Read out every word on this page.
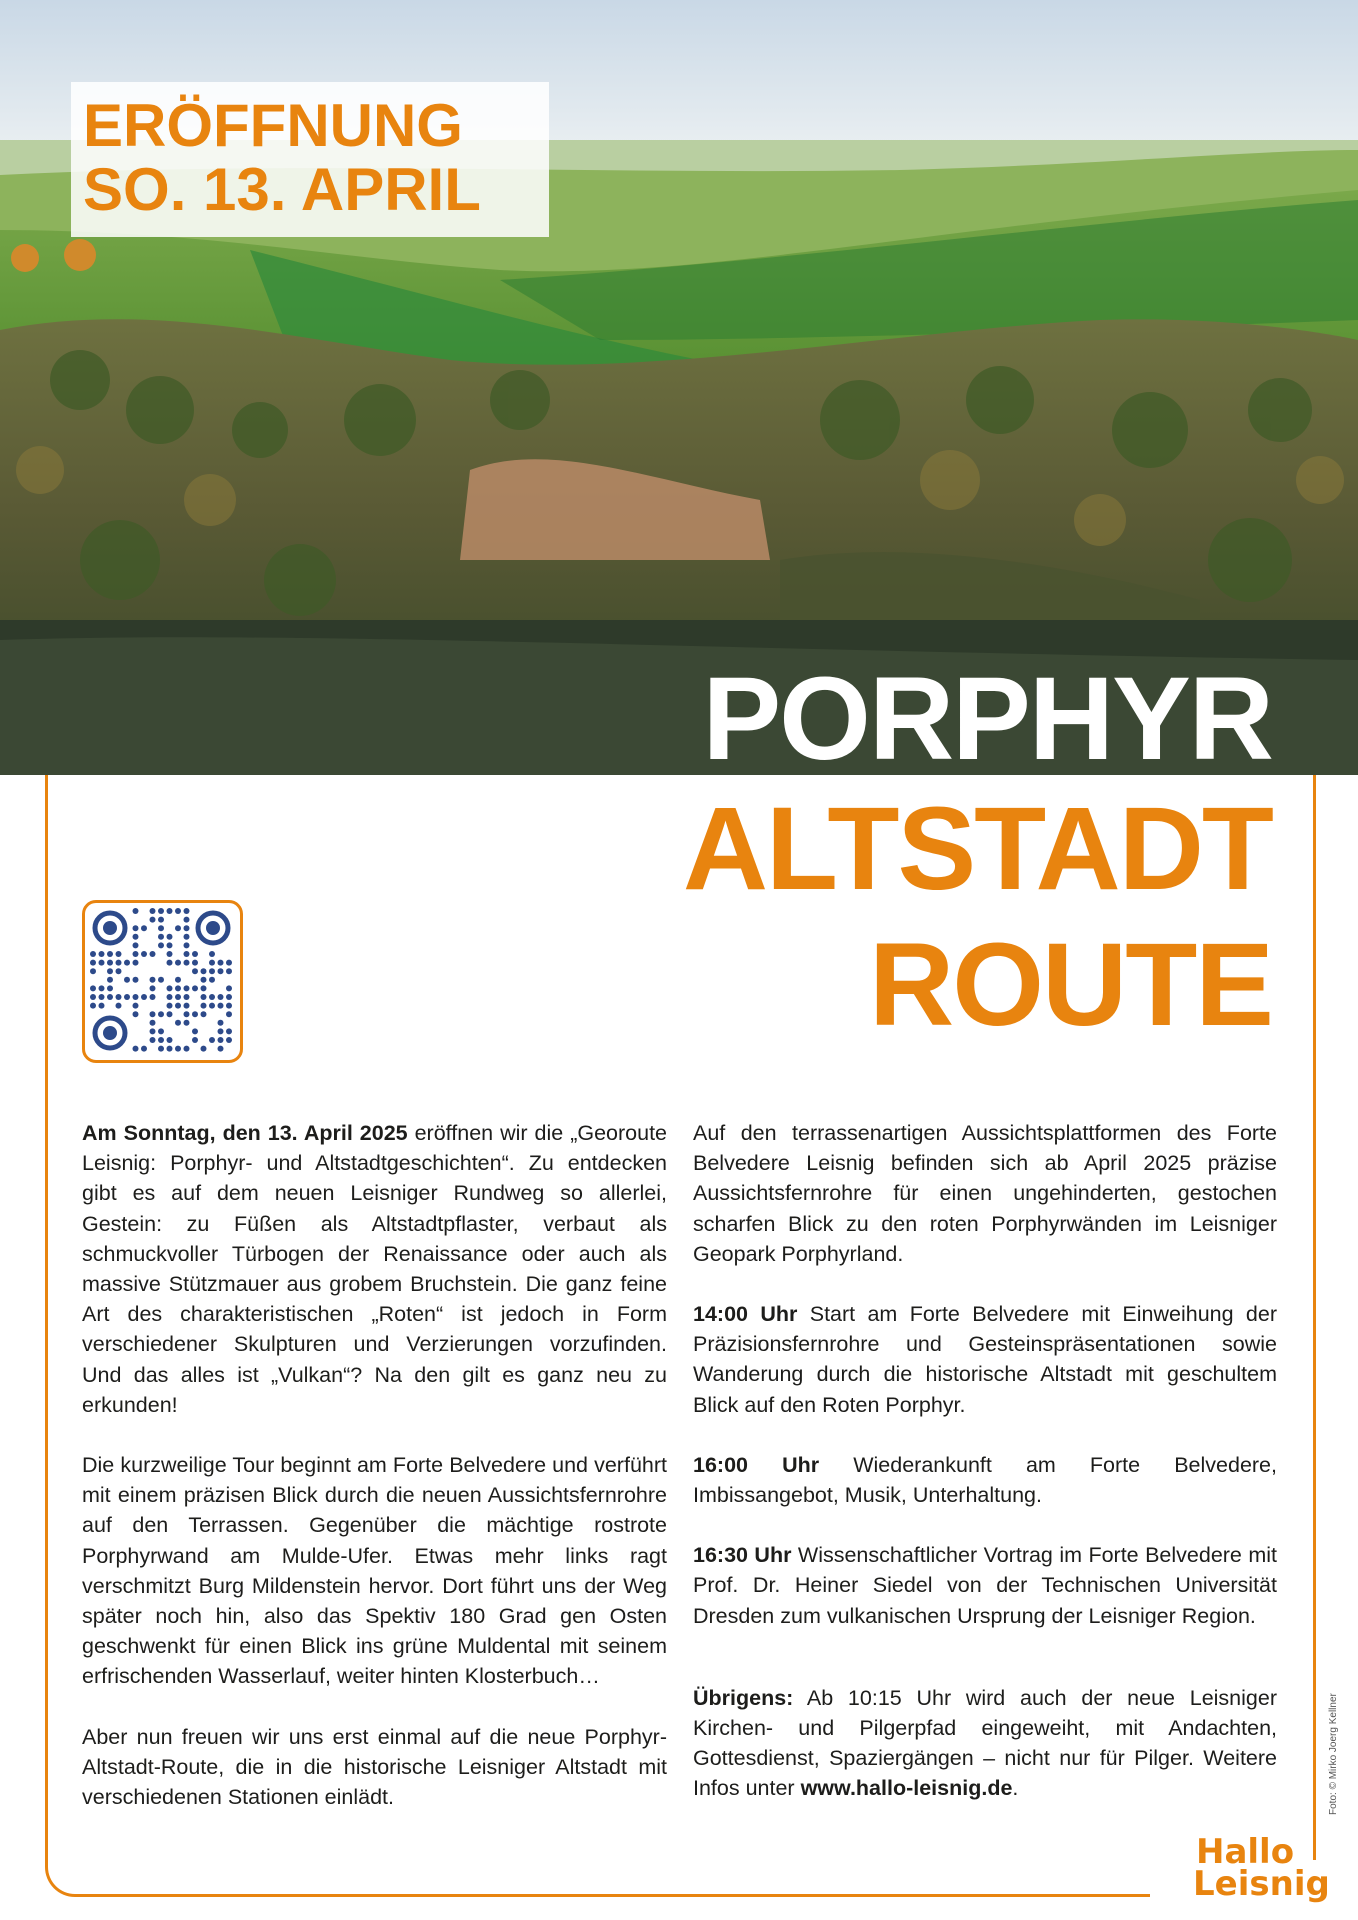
ERÖFFNUNG
SO. 13. APRIL
PORPHYR
ALTSTADT
ROUTE

Am Sonntag, den 13. April 2025 eröffnen wir die „Georoute Leisnig: Porphyr- und Altstadtgeschichten“. Zu entdecken gibt es auf dem neuen Leisniger Rundweg so allerlei, Gestein: zu Füßen als Altstadtpflaster, verbaut als schmuckvoller Türbogen der Renaissance oder auch als massive Stützmauer aus grobem Bruchstein. Die ganz feine Art des charakteristischen „Roten“ ist jedoch in Form verschiedener Skulpturen und Verzierungen vorzufinden. Und das alles ist „Vulkan“? Na den gilt es ganz neu zu erkunden!

Die kurzweilige Tour beginnt am Forte Belvedere und verführt mit einem präzisen Blick durch die neuen Aussichtsfernrohre auf den Terrassen. Gegenüber die mächtige rostrote Porphyrwand am Mulde-Ufer. Etwas mehr links ragt verschmitzt Burg Mildenstein hervor. Dort führt uns der Weg später noch hin, also das Spektiv 180 Grad gen Osten geschwenkt für einen Blick ins grüne Muldental mit seinem erfrischenden Wasserlauf, weiter hinten Klosterbuch…

Aber nun freuen wir uns erst einmal auf die neue Porphyr-Altstadt-Route, die in die historische Leisniger Altstadt mit verschiedenen Stationen einlädt.

Auf den terrassenartigen Aussichtsplattformen des Forte Belvedere Leisnig befinden sich ab April 2025 präzise Aussichtsfernrohre für einen ungehinderten, gestochen scharfen Blick zu den roten Porphyrwänden im Leisniger Geopark Porphyrland.

14:00 Uhr Start am Forte Belvedere mit Einweihung der Präzisionsfernrohre und Gesteinspräsentationen sowie Wanderung durch die historische Altstadt mit geschultem Blick auf den Roten Porphyr.

16:00 Uhr Wiederankunft am Forte Belvedere, Imbissangebot, Musik, Unterhaltung.

16:30 Uhr Wissenschaftlicher Vortrag im Forte Belvedere mit Prof. Dr. Heiner Siedel von der Technischen Universität Dresden zum vulkanischen Ursprung der Leisniger Region.

Übrigens: Ab 10:15 Uhr wird auch der neue Leisniger Kirchen- und Pilgerpfad eingeweiht, mit Andachten, Gottesdienst, Spaziergängen – nicht nur für Pilger. Weitere Infos unter www.hallo-leisnig.de.	Foto: © Mirko Joerg Kellner
Hallo
Leisnig
